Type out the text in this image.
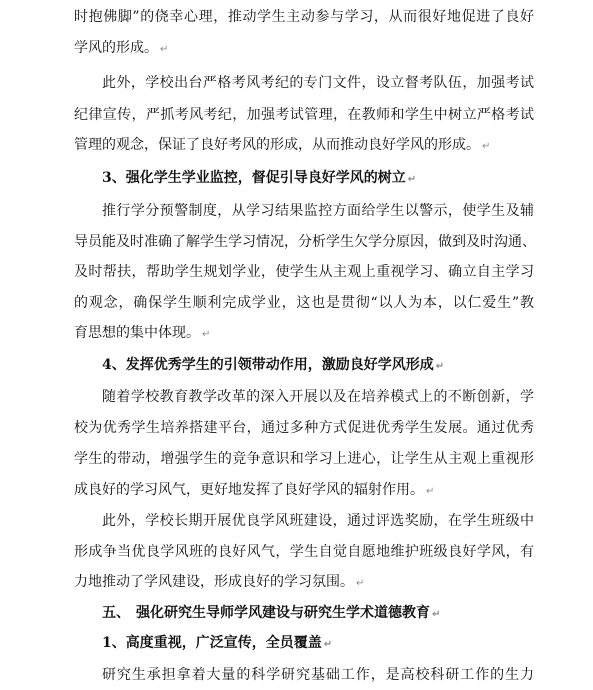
时抱佛脚”的侥幸心理，推动学生主动参与学习，从而很好地促进了良好
学风的形成。 ↵
此外，学校出台严格考风考纪的专门文件，设立督考队伍，加强考试
纪律宣传，严抓考风考纪，加强考试管理，在教师和学生中树立严格考试
管理的观念，保证了良好考风的形成，从而推动良好学风的形成。 ↵
3、强化学生学业监控，督促引导良好学风的树立 ↵
推行学分预警制度，从学习结果监控方面给学生以警示，使学生及辅
导员能及时准确了解学生学习情况，分析学生欠学分原因，做到及时沟通、
及时帮扶，帮助学生规划学业，使学生从主观上重视学习、确立自主学习
的观念，确保学生顺利完成学业，这也是贯彻“以人为本，以仁爱生”教
育思想的集中体现。 ↵
4、发挥优秀学生的引领带动作用，激励良好学风形成 ↵
随着学校教育教学改革的深入开展以及在培养模式上的不断创新，学
校为优秀学生培养搭建平台，通过多种方式促进优秀学生发展。通过优秀
学生的带动，增强学生的竞争意识和学习上进心，让学生从主观上重视形
成良好的学习风气，更好地发挥了良好学风的辐射作用。 ↵
此外，学校长期开展优良学风班建设，通过评选奖励，在学生班级中
形成争当优良学风班的良好风气，学生自觉自愿地维护班级良好学风，有
力地推动了学风建设，形成良好的学习氛围。 ↵
五、 强化研究生导师学风建设与研究生学术道德教育 ↵
1、高度重视，广泛宣传，全员覆盖 ↵
研究生承担拿着大量的科学研究基础工作，是高校科研工作的生力
